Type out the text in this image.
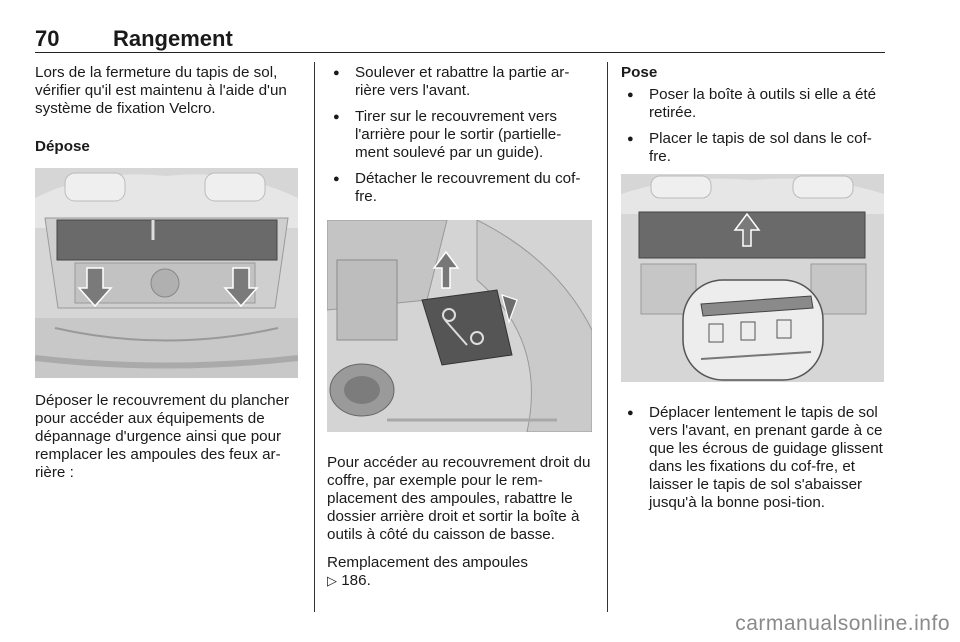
70 Rangement

Lors de la fermeture du tapis de sol, vérifier qu'il est maintenu à l'aide d'un système de fixation Velcro.

Dépose

Déposer le recouvrement du plancher pour accéder aux équipements de dépannage d'urgence ainsi que pour remplacer les ampoules des feux ar-rière :

● Soulever et rabattre la partie ar-rière vers l'avant.
● Tirer sur le recouvrement vers l'arrière pour le sortir (partielle-ment soulevé par un guide).
● Détacher le recouvrement du cof-fre.

Pour accéder au recouvrement droit du coffre, par exemple pour le rem-placement des ampoules, rabattre le dossier arrière droit et sortir la boîte à outils à côté du caisson de basse.

Remplacement des ampoules
▷ 186.

Pose

● Poser la boîte à outils si elle a été retirée.
● Placer le tapis de sol dans le cof-fre.
● Déplacer lentement le tapis de sol vers l'avant, en prenant garde à ce que les écrous de guidage glissent dans les fixations du cof-fre, et laisser le tapis de sol s'abaisser jusqu'à la bonne posi-tion.
carmanualsonline.info
